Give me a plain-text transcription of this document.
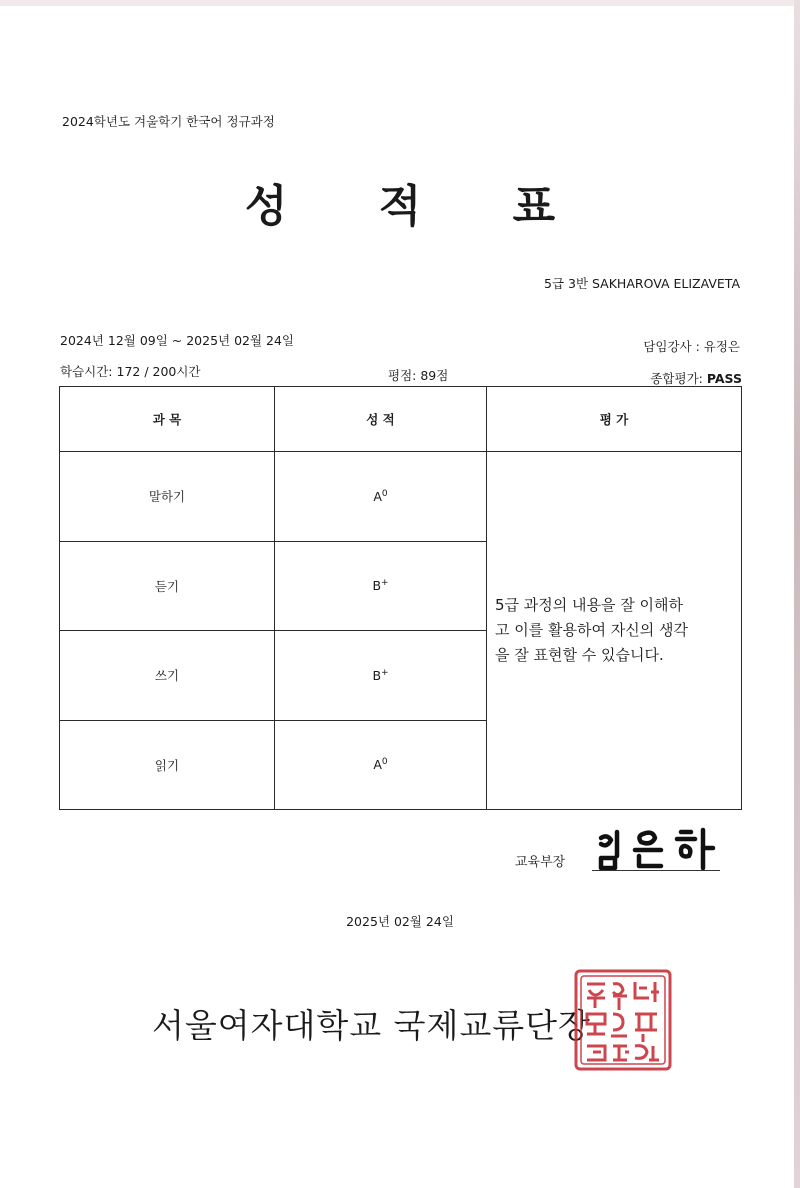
2024학년도 겨울학기 한국어 정규과정
성 적 표
5급 3반 SAKHAROVA ELIZAVETA
2024년 12월 09일 ~ 2025년 02월 24일	담임강사 : 유정은
학습시간: 172 / 200시간	평점: 89점	종합평가: PASS
과 목	성 적	평 가
말하기	$A^0$	5급 과정의 내용을 잘 이해하
고 이를 활용하여 자신의 생각
을 잘 표현할 수 있습니다.

듣기	B+
쓰기	B+
읽기	$A^0$
교육부장
2025년 02월 24일
서울여자대학교 국제교류단장
